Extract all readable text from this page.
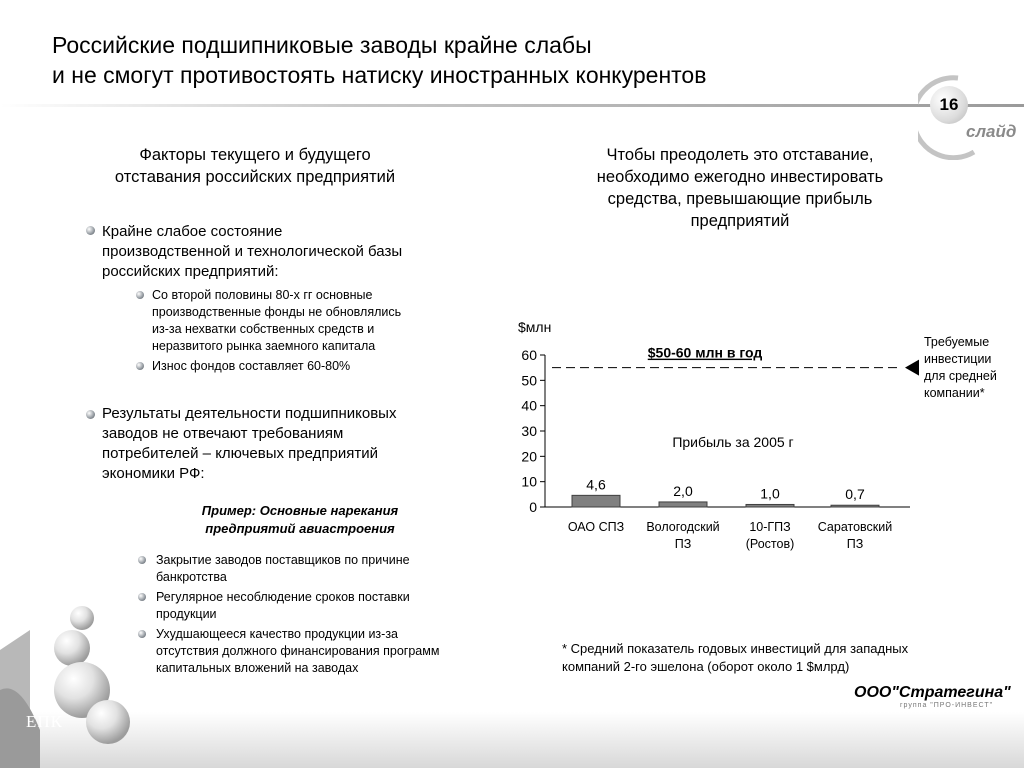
Российские подшипниковые заводы крайне слабы
и не смогут противостоять натиску иностранных конкурентов
16
слайд
Факторы текущего и будущего
отставания российских предприятий
Крайне слабое состояние
производственной и технологической базы
российских предприятий:
Со второй половины 80-х гг основные
производственные фонды не обновлялись
из-за нехватки собственных средств и
неразвитого рынка заемного капитала
Износ фондов составляет 60-80%
Результаты деятельности подшипниковых
заводов не отвечают требованиям
потребителей – ключевых предприятий
экономики РФ:
Пример: Основные нарекания
предприятий авиастроения
Закрытие заводов поставщиков по причине
банкротства
Регулярное несоблюдение сроков поставки
продукции
Ухудшающееся качество продукции из-за
отсутствия должного финансирования программ
капитальных вложений на заводах
Чтобы преодолеть это отставание,
необходимо ежегодно инвестировать
средства, превышающие прибыль
предприятий
$млн
0
10
20
30
40
50
60	$50-60 млн в год
Прибыль за 2005 г
4,6
ОАО СПЗ
2,0
Вологодский
ПЗ
1,0
10-ГПЗ
(Ростов)
0,7
Саратовский
ПЗ
Требуемые
инвестиции
для средней
компании*
* Средний показатель годовых инвестиций для западных
компаний 2-го эшелона (оборот около 1 $млрд)
ЕПК
ООО"Стратегина"
группа "ПРО-ИНВЕСТ"
